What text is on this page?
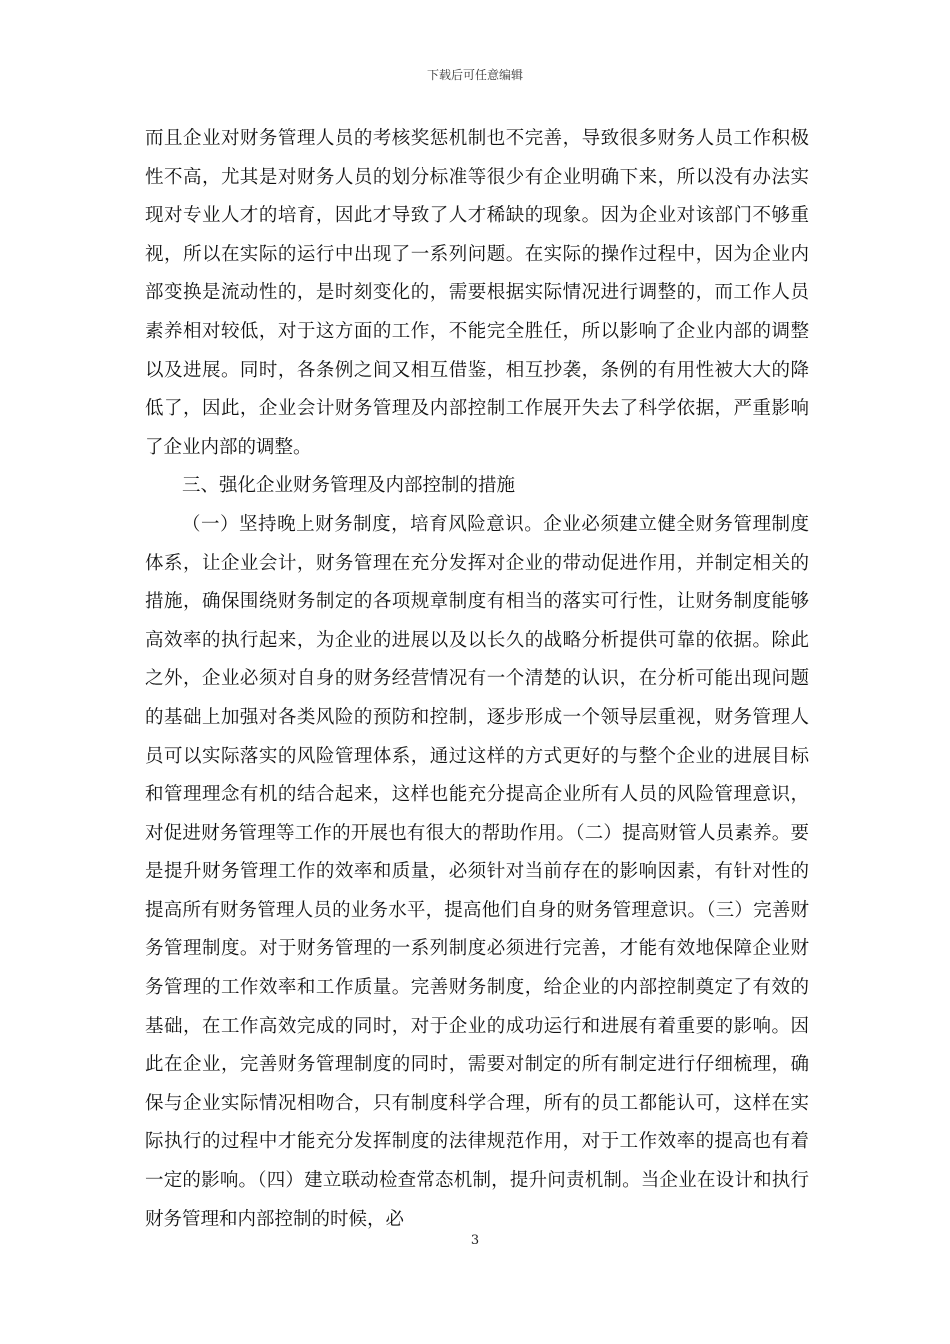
下载后可任意编辑

而且企业对财务管理人员的考核奖惩机制也不完善，导致很多财务人员工作积极性不高，尤其是对财务人员的划分标准等很少有企业明确下来，所以没有办法实现对专业人才的培育，因此才导致了人才稀缺的现象。因为企业对该部门不够重视，所以在实际的运行中出现了一系列问题。在实际的操作过程中，因为企业内部变换是流动性的，是时刻变化的，需要根据实际情况进行调整的，而工作人员素养相对较低，对于这方面的工作，不能完全胜任，所以影响了企业内部的调整以及进展。同时，各条例之间又相互借鉴，相互抄袭，条例的有用性被大大的降低了，因此，企业会计财务管理及内部控制工作展开失去了科学依据，严重影响了企业内部的调整。

三、强化企业财务管理及内部控制的措施

（一）坚持晚上财务制度，培育风险意识。企业必须建立健全财务管理制度体系，让企业会计，财务管理在充分发挥对企业的带动促进作用，并制定相关的措施，确保围绕财务制定的各项规章制度有相当的落实可行性，让财务制度能够高效率的执行起来，为企业的进展以及以长久的战略分析提供可靠的依据。除此之外，企业必须对自身的财务经营情况有一个清楚的认识，在分析可能出现问题的基础上加强对各类风险的预防和控制，逐步形成一个领导层重视，财务管理人员可以实际落实的风险管理体系，通过这样的方式更好的与整个企业的进展目标和管理理念有机的结合起来，这样也能充分提高企业所有人员的风险管理意识，对促进财务管理等工作的开展也有很大的帮助作用。（二）提高财管人员素养。要是提升财务管理工作的效率和质量，必须针对当前存在的影响因素，有针对性的提高所有财务管理人员的业务水平，提高他们自身的财务管理意识。（三）完善财务管理制度。对于财务管理的一系列制度必须进行完善，才能有效地保障企业财务管理的工作效率和工作质量。完善财务制度，给企业的内部控制奠定了有效的基础，在工作高效完成的同时，对于企业的成功运行和进展有着重要的影响。因此在企业，完善财务管理制度的同时，需要对制定的所有制定进行仔细梳理，确保与企业实际情况相吻合，只有制度科学合理，所有的员工都能认可，这样在实际执行的过程中才能充分发挥制度的法律规范作用，对于工作效率的提高也有着一定的影响。（四）建立联动检查常态机制，提升问责机制。当企业在设计和执行财务管理和内部控制的时候，必

3
